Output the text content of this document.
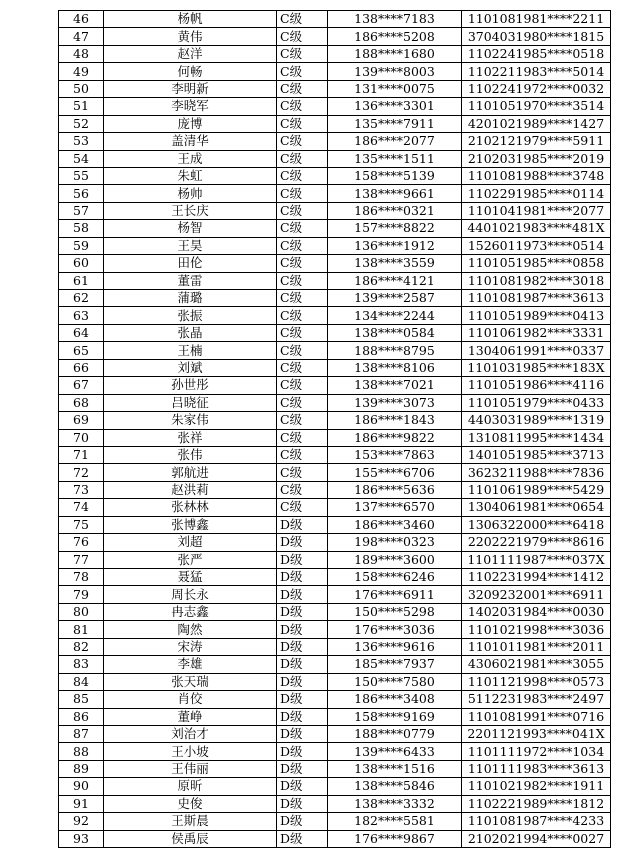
46	杨帆	C级	138****7183	1101081981****2211
47	黄伟	C级	186****5208	3704031980****1815
48	赵洋	C级	188****1680	1102241985****0518
49	何畅	C级	139****8003	1102211983****5014
50	李明新	C级	131****0075	1102241972****0032
51	李晓军	C级	136****3301	1101051970****3514
52	庞博	C级	135****7911	4201021989****1427
53	盖清华	C级	186****2077	2102121979****5911
54	王成	C级	135****1511	2102031985****2019
55	朱虹	C级	158****5139	1101081988****3748
56	杨帅	C级	138****9661	1102291985****0114
57	王长庆	C级	186****0321	1101041981****2077
58	杨智	C级	157****8822	4401021983****481X
59	王昊	C级	136****1912	1526011973****0514
60	田伦	C级	138****3559	1101051985****0858
61	董雷	C级	186****4121	1101081982****3018
62	蒲璐	C级	139****2587	1101081987****3613
63	张振	C级	134****2244	1101051989****0413
64	张晶	C级	138****0584	1101061982****3331
65	王楠	C级	188****8795	1304061991****0337
66	刘斌	C级	138****8106	1101031985****183X
67	孙世彤	C级	138****7021	1101051986****4116
68	吕晓征	C级	139****3073	1101051979****0433
69	朱家伟	C级	186****1843	4403031989****1319
70	张祥	C级	186****9822	1310811995****1434
71	张伟	C级	153****7863	1401051985****3713
72	郭航进	C级	155****6706	3623211988****7836
73	赵洪莉	C级	186****5636	1101061989****5429
74	张林林	C级	137****6570	1304061981****0654
75	张博鑫	D级	186****3460	1306322000****6418
76	刘超	D级	198****0323	2202221979****8616
77	张严	D级	189****3600	1101111987****037X
78	聂猛	D级	158****6246	1102231994****1412
79	周长永	D级	176****6911	3209232001****6911
80	冉志鑫	D级	150****5298	1402031984****0030
81	陶然	D级	176****3036	1101021998****3036
82	宋涛	D级	136****9616	1101011981****2011
83	李雄	D级	185****7937	4306021981****3055
84	张天瑞	D级	150****7580	1101121998****0573
85	肖佼	D级	186****3408	5112231983****2497
86	董峥	D级	158****9169	1101081991****0716
87	刘治才	D级	188****0779	2201121993****041X
88	王小坡	D级	139****6433	1101111972****1034
89	王伟丽	D级	138****1516	1101111983****3613
90	原昕	D级	138****5846	1101021982****1911
91	史俊	D级	138****3332	1102221989****1812
92	王斯晨	D级	182****5581	1101081987****4233
93	侯禹辰	D级	176****9867	2102021994****0027
